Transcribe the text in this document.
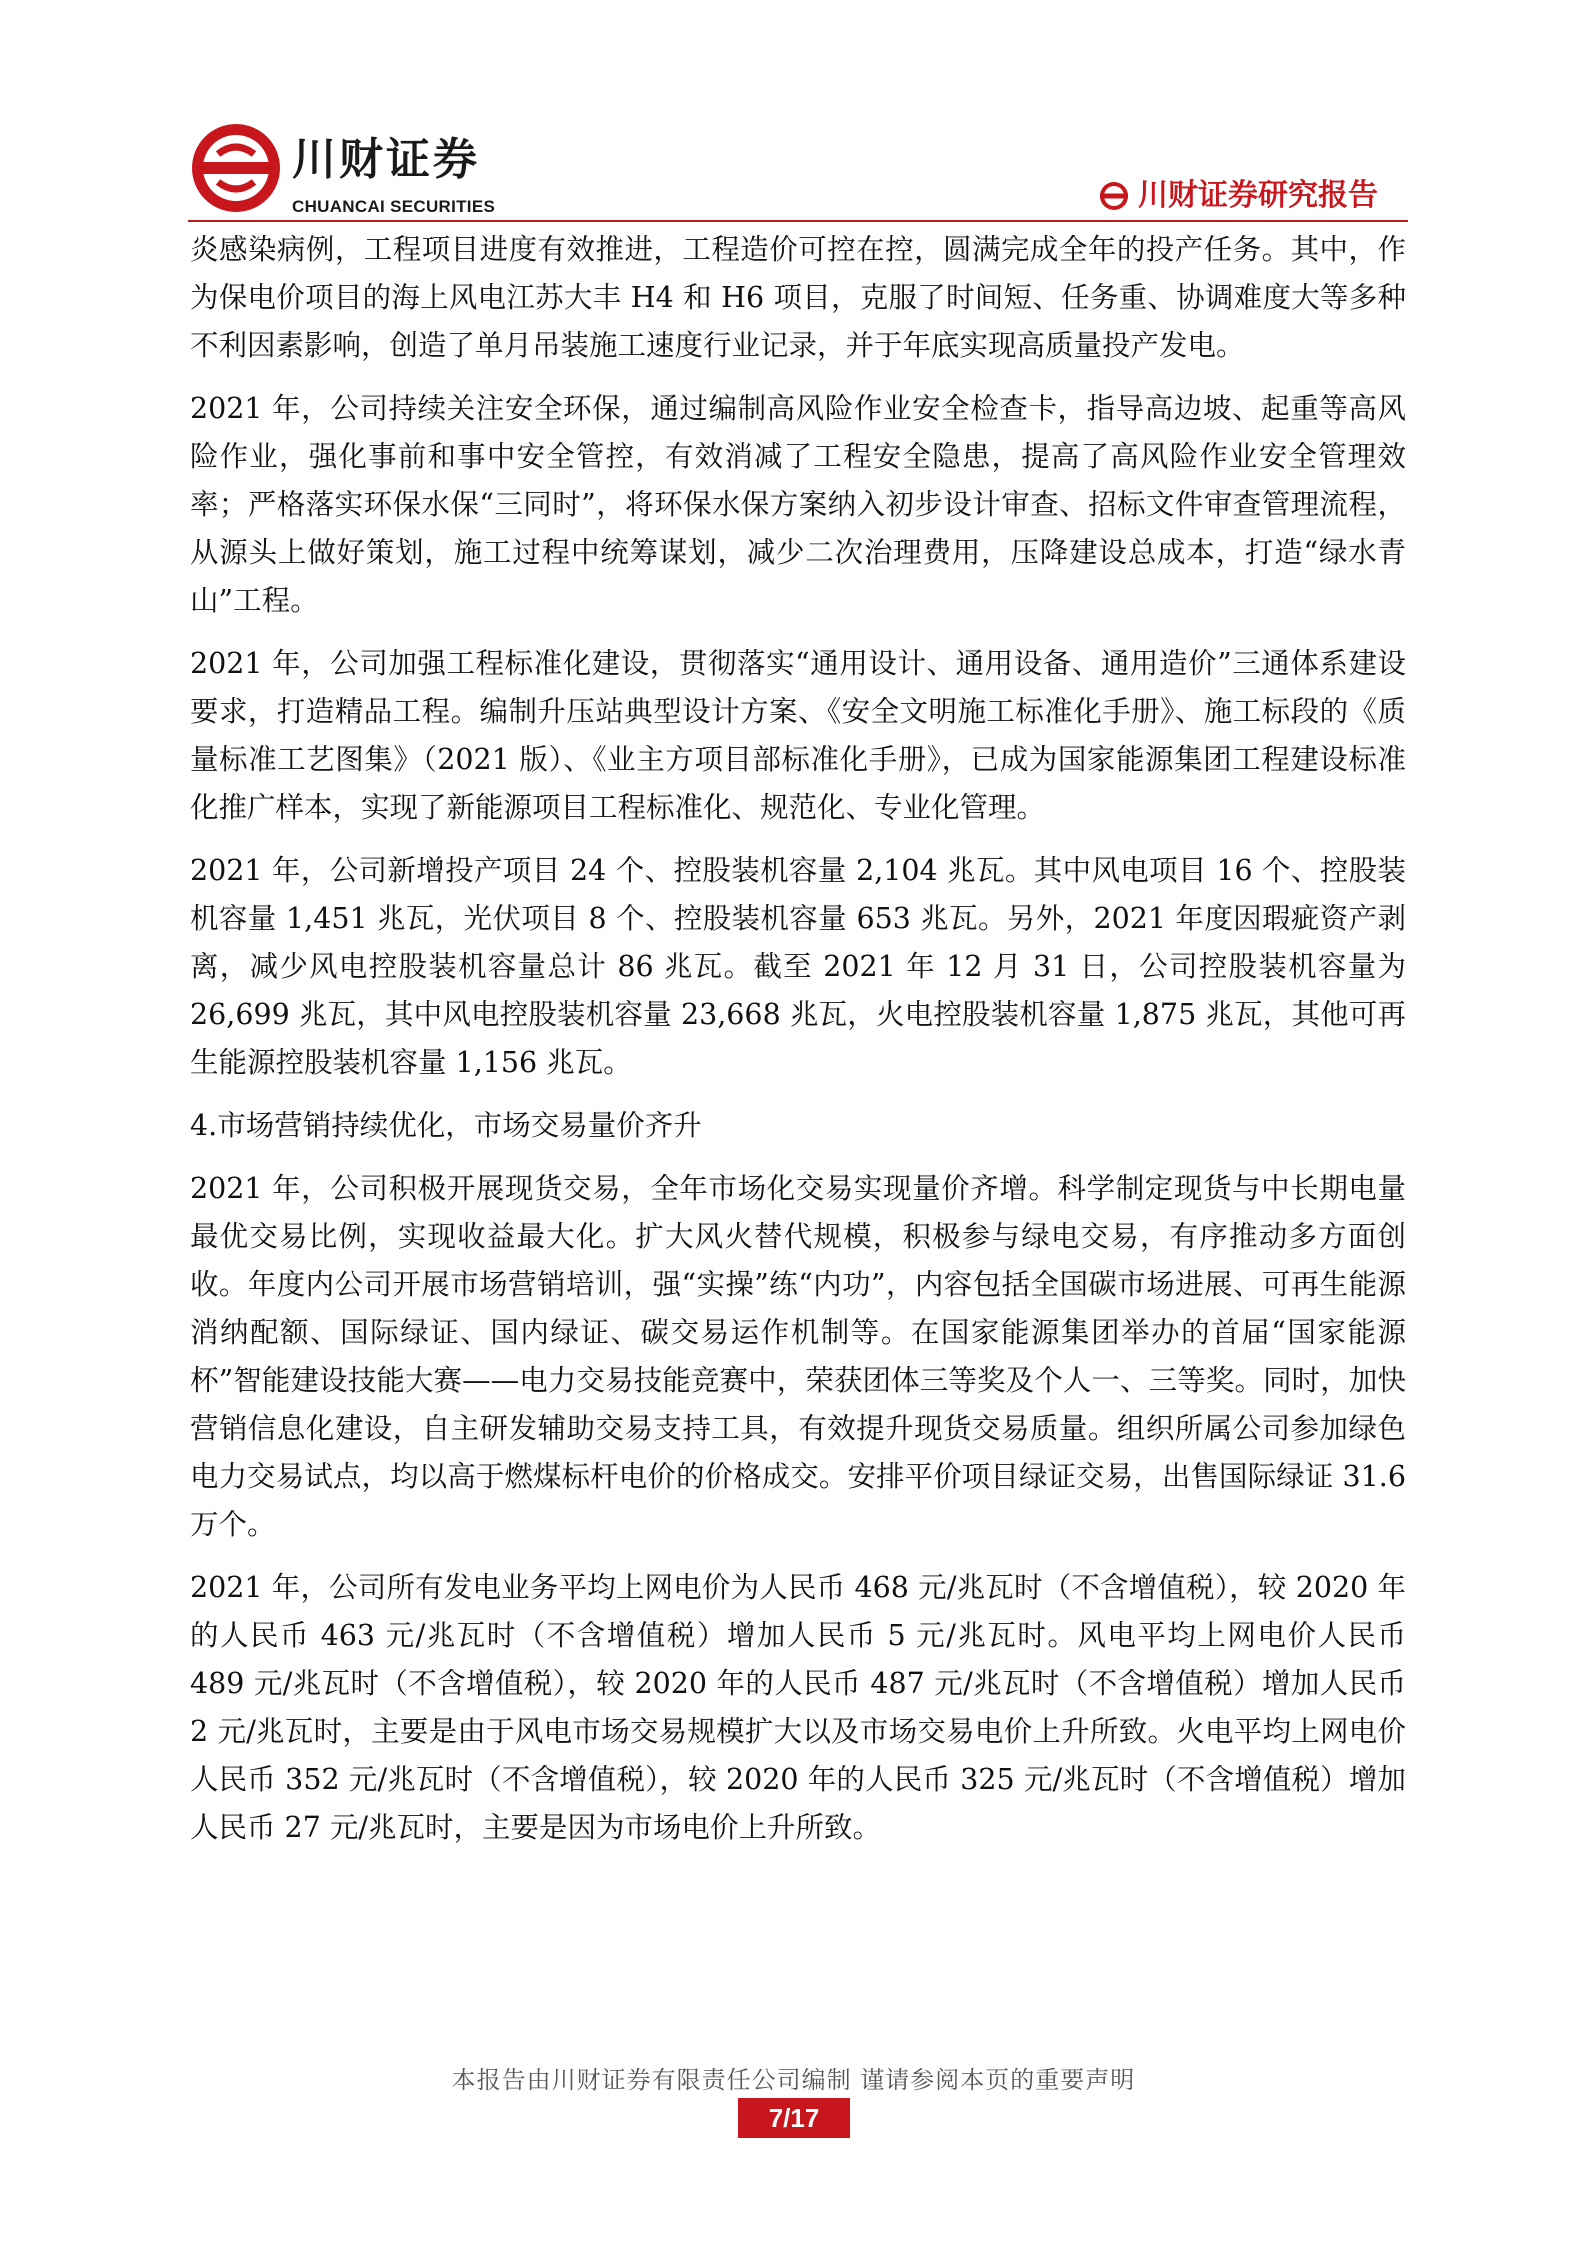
川财证券
CHUANCAI SECURITIES	川财证券研究报告

炎感染病例，工程项目进度有效推进，工程造价可控在控，圆满完成全年的投产任务。其中，作为保电价项目的海上风电江苏大丰 H4 和 H6 项目，克服了时间短、任务重、协调难度大等多种不利因素影响，创造了单月吊装施工速度行业记录，并于年底实现高质量投产发电。

2021 年，公司持续关注安全环保，通过编制高风险作业安全检查卡，指导高边坡、起重等高风险作业，强化事前和事中安全管控，有效消减了工程安全隐患，提高了高风险作业安全管理效率；严格落实环保水保“三同时”，将环保水保方案纳入初步设计审查、招标文件审查管理流程，从源头上做好策划，施工过程中统筹谋划，减少二次治理费用，压降建设总成本，打造“绿水青山”工程。

2021 年，公司加强工程标准化建设，贯彻落实“通用设计、通用设备、通用造价”三通体系建设要求，打造精品工程。编制升压站典型设计方案、《安全文明施工标准化手册》、施工标段的《质量标准工艺图集》（2021 版）、《业主方项目部标准化手册》，已成为国家能源集团工程建设标准化推广样本，实现了新能源项目工程标准化、规范化、专业化管理。

2021 年，公司新增投产项目 24 个、控股装机容量 2,104 兆瓦。其中风电项目 16 个、控股装机容量 1,451 兆瓦，光伏项目 8 个、控股装机容量 653 兆瓦。另外，2021 年度因瑕疵资产剥离，减少风电控股装机容量总计 86 兆瓦。截至 2021 年 12 月 31 日，公司控股装机容量为 26,699 兆瓦，其中风电控股装机容量 23,668 兆瓦，火电控股装机容量 1,875 兆瓦，其他可再生能源控股装机容量 1,156 兆瓦。

4.市场营销持续优化，市场交易量价齐升

2021 年，公司积极开展现货交易，全年市场化交易实现量价齐增。科学制定现货与中长期电量最优交易比例，实现收益最大化。扩大风火替代规模，积极参与绿电交易，有序推动多方面创收。年度内公司开展市场营销培训，强“实操”练“内功”，内容包括全国碳市场进展、可再生能源消纳配额、国际绿证、国内绿证、碳交易运作机制等。在国家能源集团举办的首届“国家能源杯”智能建设技能大赛——电力交易技能竞赛中，荣获团体三等奖及个人一、三等奖。同时，加快营销信息化建设，自主研发辅助交易支持工具，有效提升现货交易质量。组织所属公司参加绿色电力交易试点，均以高于燃煤标杆电价的价格成交。安排平价项目绿证交易，出售国际绿证 31.6 万个。

2021 年，公司所有发电业务平均上网电价为人民币 468 元/兆瓦时（不含增值税），较 2020 年的人民币 463 元/兆瓦时（不含增值税）增加人民币 5 元/兆瓦时。风电平均上网电价人民币 489 元/兆瓦时（不含增值税），较 2020 年的人民币 487 元/兆瓦时（不含增值税）增加人民币 2 元/兆瓦时，主要是由于风电市场交易规模扩大以及市场交易电价上升所致。火电平均上网电价人民币 352 元/兆瓦时（不含增值税），较 2020 年的人民币 325 元/兆瓦时（不含增值税）增加人民币 27 元/兆瓦时，主要是因为市场电价上升所致。

本报告由川财证券有限责任公司编制 谨请参阅本页的重要声明
7/17
